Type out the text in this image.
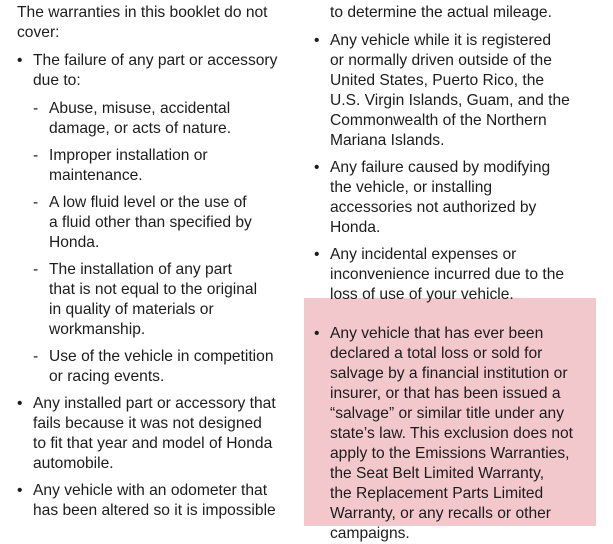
The warranties in this booklet do not
cover:

• The failure of any part or accessory
due to:
- Abuse, misuse, accidental
damage, or acts of nature.
- Improper installation or
maintenance.
- A low fluid level or the use of
a fluid other than specified by
Honda.
- The installation of any part
that is not equal to the original
in quality of materials or
workmanship.
- Use of the vehicle in competition
or racing events.
• Any installed part or accessory that
fails because it was not designed
to fit that year and model of Honda
automobile.
• Any vehicle with an odometer that
has been altered so it is impossible

to determine the actual mileage.

• Any vehicle while it is registered
or normally driven outside of the
United States, Puerto Rico, the
U.S. Virgin Islands, Guam, and the
Commonwealth of the Northern
Mariana Islands.
• Any failure caused by modifying
the vehicle, or installing
accessories not authorized by
Honda.
• Any incidental expenses or
inconvenience incurred due to the
loss of use of your vehicle.
• Any vehicle that has ever been
declared a total loss or sold for
salvage by a financial institution or
insurer, or that has been issued a
“salvage” or similar title under any
state’s law. This exclusion does not
apply to the Emissions Warranties,
the Seat Belt Limited Warranty,
the Replacement Parts Limited
Warranty, or any recalls or other
campaigns.
